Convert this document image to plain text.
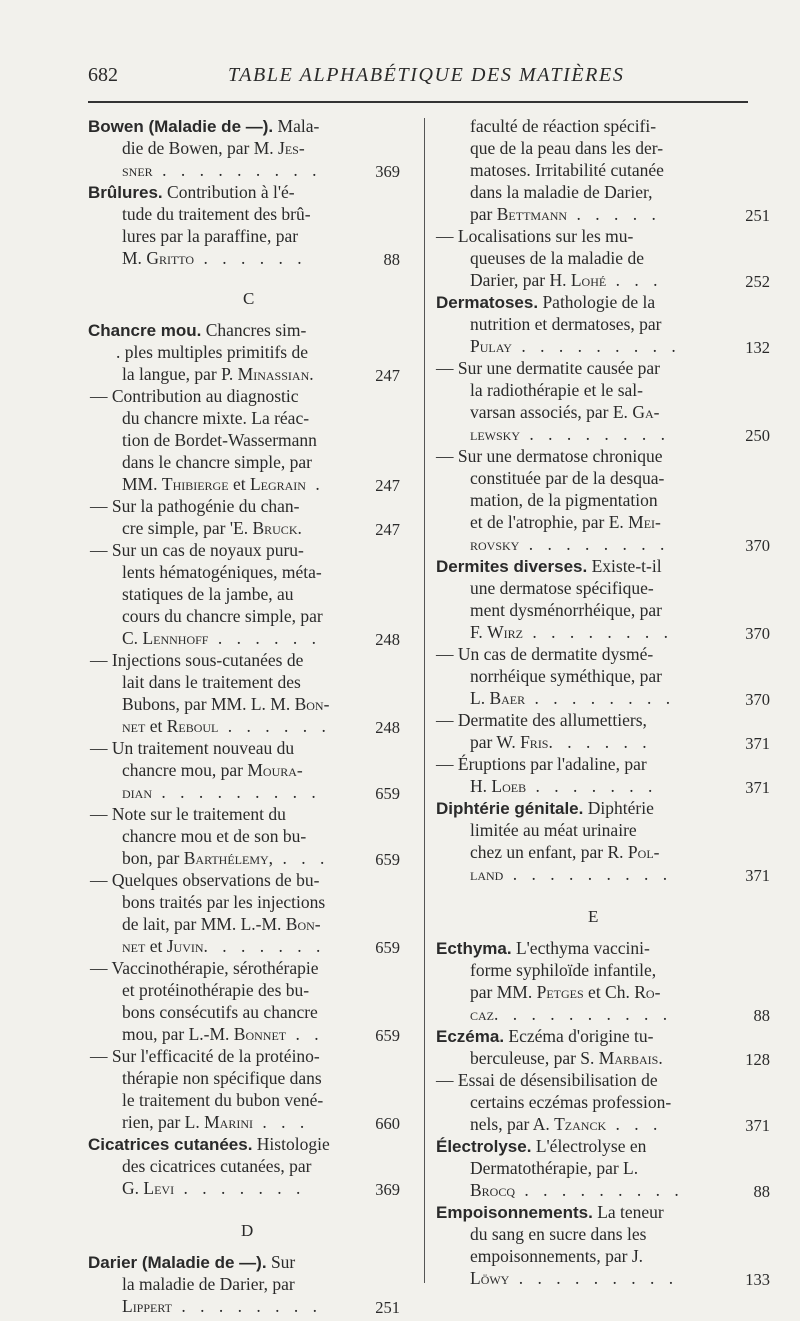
682	TABLE ALPHABÉTIQUE DES MATIÈRES
Bowen (Maladie de —). Mala-
die de Bowen, par M. Jes-
sner . . . . . . . . .	369
Brûlures. Contribution à l'é-
tude du traitement des brû-
lures par la paraffine, par
M. Gritto . . . . . .	88
C
Chancre mou. Chancres sim-
. ples multiples primitifs de
la langue, par P. Minassian.	247
— Contribution au diagnostic
du chancre mixte. La réac-
tion de Bordet-Wassermann
dans le chancre simple, par
MM. Thibierge et Legrain .	247
— Sur la pathogénie du chan-
cre simple, par 'E. Bruck.	247
— Sur un cas de noyaux puru-
lents hématogéniques, méta-
statiques de la jambe, au
cours du chancre simple, par
C. Lennhoff . . . . . .	248
— Injections sous-cutanées de
lait dans le traitement des
Bubons, par MM. L. M. Bon-
net et Reboul . . . . . .	248
— Un traitement nouveau du
chancre mou, par Moura-
dian . . . . . . . . .	659
— Note sur le traitement du
chancre mou et de son bu-
bon, par Barthélemy, . . .	659
— Quelques observations de bu-
bons traités par les injections
de lait, par MM. L.-M. Bon-
net et Juvin. . . . . . .	659
— Vaccinothérapie, sérothérapie
et protéinothérapie des bu-
bons consécutifs au chancre
mou, par L.-M. Bonnet . .	659
— Sur l'efficacité de la protéino-
thérapie non spécifique dans
le traitement du bubon vené-
rien, par L. Marini . . .	660
Cicatrices cutanées. Histologie
des cicatrices cutanées, par
G. Levi . . . . . . .	369
D
Darier (Maladie de —). Sur
la maladie de Darier, par
Lippert . . . . . . . .	251
faculté de réaction spécifi-
que de la peau dans les der-
matoses. Irritabilité cutanée
dans la maladie de Darier,
par Bettmann . . . . .	251
— Localisations sur les mu-
queuses de la maladie de
Darier, par H. Lohé . . .	252
Dermatoses. Pathologie de la
nutrition et dermatoses, par
Pulay . . . . . . . . .	132
— Sur une dermatite causée par
la radiothérapie et le sal-
varsan associés, par E. Ga-
lewsky . . . . . . . .	250
— Sur une dermatose chronique
constituée par de la desqua-
mation, de la pigmentation
et de l'atrophie, par E. Mei-
rovsky . . . . . . . .	370
Dermites diverses. Existe-t-il
une dermatose spécifique-
ment dysménorrhéique, par
F. Wirz . . . . . . . .	370
— Un cas de dermatite dysmé-
norrhéique syméthique, par
L. Baer . . . . . . . .	370
— Dermatite des allumettiers,
par W. Fris. . . . . .	371
— Éruptions par l'adaline, par
H. Loeb . . . . . . .	371
Diphtérie génitale. Diphtérie
limitée au méat urinaire
chez un enfant, par R. Pol-
land . . . . . . . . .	371
E
Ecthyma. L'ecthyma vaccini-
forme syphiloïde infantile,
par MM. Petges et Ch. Ro-
caz. . . . . . . . . .	88
Eczéma. Eczéma d'origine tu-
berculeuse, par S. Marbais.	128
— Essai de désensibilisation de
certains eczémas profession-
nels, par A. Tzanck . . .	371
Électrolyse. L'électrolyse en
Dermatothérapie, par L.
Brocq . . . . . . . . .	88
Empoisonnements. La teneur
du sang en sucre dans les
empoisonnements, par J.
Löwy . . . . . . . . .	133
